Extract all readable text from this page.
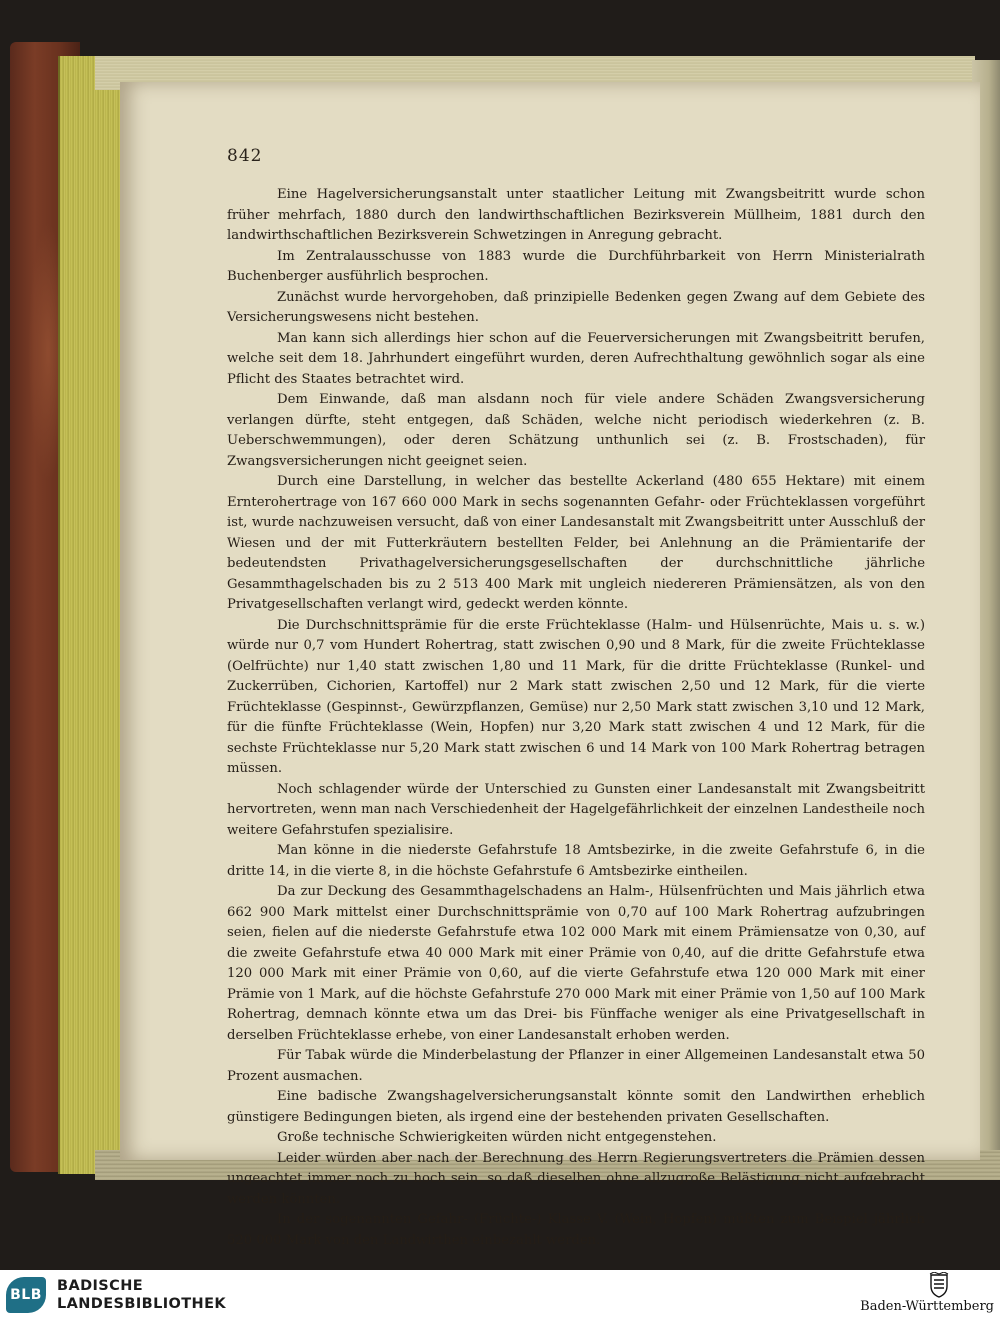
842

Eine Hagelversicherungsanstalt unter staatlicher Leitung mit Zwangsbeitritt wurde schon früher mehrfach, 1880 durch den landwirthschaftlichen Bezirksverein Müllheim, 1881 durch den landwirthschaftlichen Bezirksverein Schwetzingen in Anregung gebracht.

Im Zentralausschusse von 1883 wurde die Durchführbarkeit von Herrn Ministerialrath Buchenberger ausführlich besprochen.

Zunächst wurde hervorgehoben, daß prinzipielle Bedenken gegen Zwang auf dem Gebiete des Versicherungswesens nicht bestehen.

Man kann sich allerdings hier schon auf die Feuerversicherungen mit Zwangsbeitritt berufen, welche seit dem 18. Jahrhundert eingeführt wurden, deren Aufrechthaltung gewöhnlich sogar als eine Pflicht des Staates betrachtet wird.

Dem Einwande, daß man alsdann noch für viele andere Schäden Zwangsversicherung verlangen dürfte, steht entgegen, daß Schäden, welche nicht periodisch wiederkehren (z. B. Ueberschwemmungen), oder deren Schätzung unthunlich sei (z. B. Frostschaden), für Zwangsversicherungen nicht geeignet seien.

Durch eine Darstellung, in welcher das bestellte Ackerland (480 655 Hektare) mit einem Ernterohertrage von 167 660 000 Mark in sechs sogenannten Gefahr- oder Früchteklassen vorgeführt ist, wurde nachzuweisen versucht, daß von einer Landesanstalt mit Zwangsbeitritt unter Ausschluß der Wiesen und der mit Futterkräutern bestellten Felder, bei Anlehnung an die Prämientarife der bedeutendsten Privathagelversicherungsgesellschaften der durchschnittliche jährliche Gesammthagelschaden bis zu 2 513 400 Mark mit ungleich niedereren Prämiensätzen, als von den Privatgesellschaften verlangt wird, gedeckt werden könnte.

Die Durchschnittsprämie für die erste Früchteklasse (Halm- und Hülsenrüchte, Mais u. s. w.) würde nur 0,7 vom Hundert Rohertrag, statt zwischen 0,90 und 8 Mark, für die zweite Früchteklasse (Oelfrüchte) nur 1,40 statt zwischen 1,80 und 11 Mark, für die dritte Früchteklasse (Runkel- und Zuckerrüben, Cichorien, Kartoffel) nur 2 Mark statt zwischen 2,50 und 12 Mark, für die vierte Früchteklasse (Gespinnst-, Gewürzpflanzen, Gemüse) nur 2,50 Mark statt zwischen 3,10 und 12 Mark, für die fünfte Früchteklasse (Wein, Hopfen) nur 3,20 Mark statt zwischen 4 und 12 Mark, für die sechste Früchteklasse nur 5,20 Mark statt zwischen 6 und 14 Mark von 100 Mark Rohertrag betragen müssen.

Noch schlagender würde der Unterschied zu Gunsten einer Landesanstalt mit Zwangsbeitritt hervortreten, wenn man nach Verschiedenheit der Hagelgefährlichkeit der einzelnen Landestheile noch weitere Gefahrstufen spezialisire.

Man könne in die niederste Gefahrstufe 18 Amtsbezirke, in die zweite Gefahrstufe 6, in die dritte 14, in die vierte 8, in die höchste Gefahrstufe 6 Amtsbezirke eintheilen.

Da zur Deckung des Gesammthagelschadens an Halm-, Hülsenfrüchten und Mais jährlich etwa 662 900 Mark mittelst einer Durchschnittsprämie von 0,70 auf 100 Mark Rohertrag aufzubringen seien, fielen auf die niederste Gefahrstufe etwa 102 000 Mark mit einem Prämiensatze von 0,30, auf die zweite Gefahrstufe etwa 40 000 Mark mit einer Prämie von 0,40, auf die dritte Gefahrstufe etwa 120 000 Mark mit einer Prämie von 0,60, auf die vierte Gefahrstufe etwa 120 000 Mark mit einer Prämie von 1 Mark, auf die höchste Gefahrstufe 270 000 Mark mit einer Prämie von 1,50 auf 100 Mark Rohertrag, demnach könnte etwa um das Drei- bis Fünffache weniger als eine Privatgesellschaft in derselben Früchteklasse erhebe, von einer Landesanstalt erhoben werden.

Für Tabak würde die Minderbelastung der Pflanzer in einer Allgemeinen Landesanstalt etwa 50 Prozent ausmachen.

Eine badische Zwangshagelversicherungsanstalt könnte somit den Landwirthen erheblich günstigere Bedingungen bieten, als irgend eine der bestehenden privaten Gesellschaften.

Große technische Schwierigkeiten würden nicht entgegenstehen.

Leider würden aber nach der Berechnung des Herrn Regierungsvertreters die Prämien dessen ungeachtet immer noch zu hoch sein, so daß dieselben ohne allzugroße Belästigung nicht aufgebracht werden könnten.

In der sogenannten Gefahr- (Früchte-) Klasse V. (Wein, Hopfen) müßten zum Beispiel jährlich 520 000 Mark von den Landwirthen einbezahlt werden.

BLB
BADISCHE
LANDESBIBLIOTHEK	Baden-Württemberg
